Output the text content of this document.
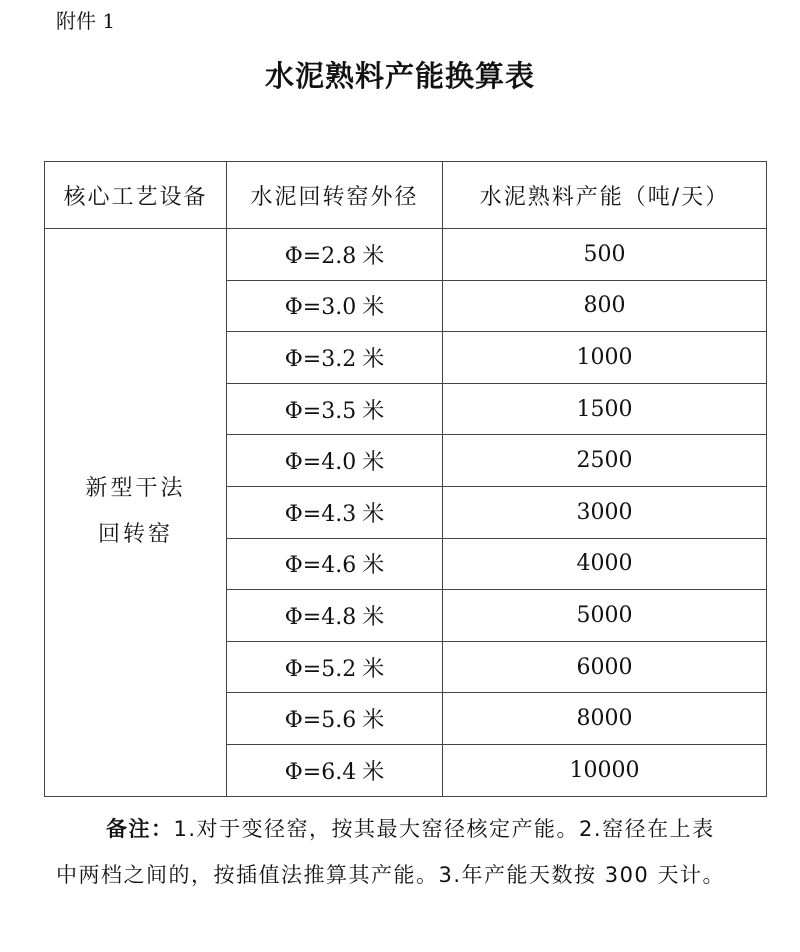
附件 1
水泥熟料产能换算表
核心工艺设备	水泥回转窑外径	水泥熟料产能（吨/天）

新型干法
回转窑	Φ=2.8 米	500
	Φ=3.0 米	800
	Φ=3.2 米	1000
	Φ=3.5 米	1500
	Φ=4.0 米	2500
	Φ=4.3 米	3000
	Φ=4.6 米	4000
	Φ=4.8 米	5000
	Φ=5.2 米	6000
	Φ=5.6 米	8000
	Φ=6.4 米	10000
备注：1.对于变径窑，按其最大窑径核定产能。2.窑径在上表
中两档之间的，按插值法推算其产能。3.年产能天数按 300 天计。
